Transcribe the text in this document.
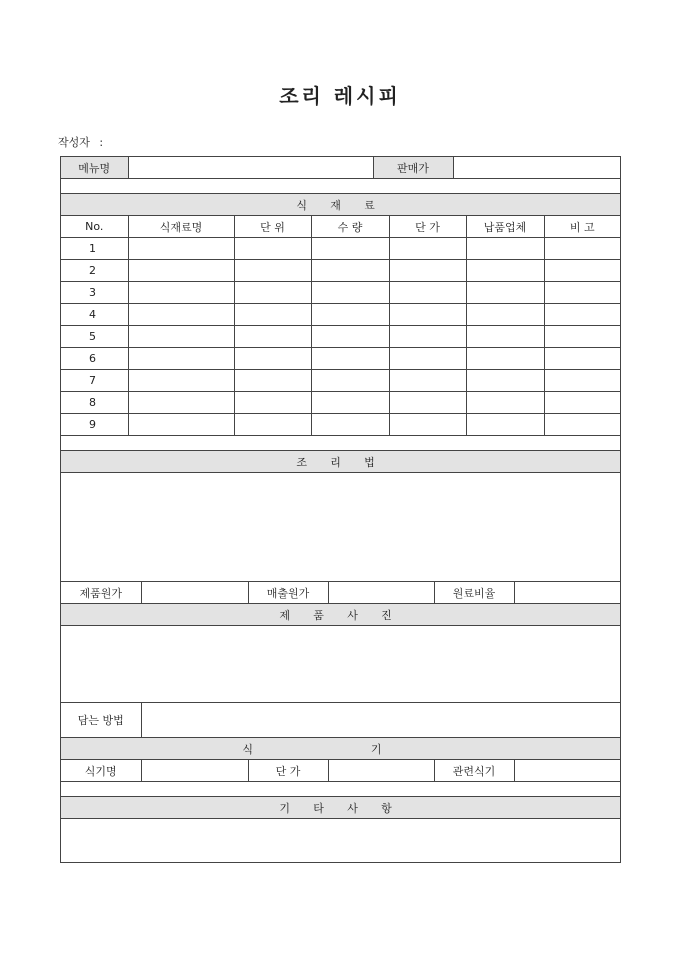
조리 레시피
작성자 :
메뉴명		판매가	

식 재 료						
No.	식재료명	단 위	수 량	단 가	납품업체	비 고
1						
2						
3						
4						
5						
6						
7						
8						
9						

조 리 법

제품원가		매출원가		원료비율	
제 품 사 진

담는 방법	
식 기
식기명		단 가		관련식기	

기 타 사 항
